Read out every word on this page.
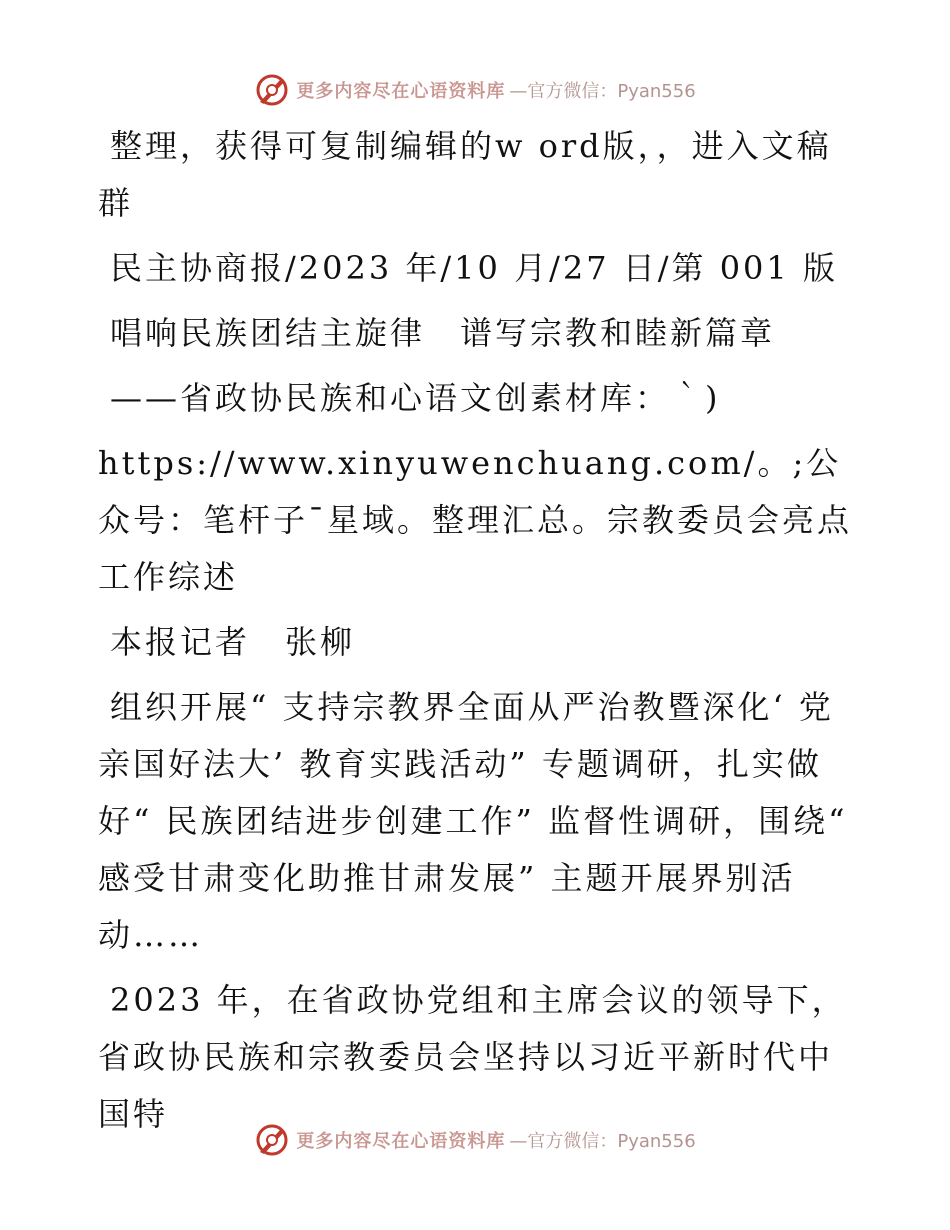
更多内容尽在心语资料库 —官方微信：Pyan556

整理，获得可复制编辑的w ord版，，进入文稿群

民主协商报/2023 年/10 月/27 日/第 001 版

唱响民族团结主旋律　谱写宗教和睦新篇章

——省政协民族和心语文创素材库：｀)

https://www.xinyuwenchuang.com/。;公众号：笔杆子¯星域。整理汇总。宗教委员会亮点工作综述

本报记者　张柳

组织开展“ 支持宗教界全面从严治教暨深化‘ 党亲国好法大’ 教育实践活动” 专题调研，扎实做好“ 民族团结进步创建工作” 监督性调研，围绕“ 感受甘肃变化助推甘肃发展” 主题开展界别活动……

2023 年，在省政协党组和主席会议的领导下，省政协民族和宗教委员会坚持以习近平新时代中国特

更多内容尽在心语资料库 —官方微信：Pyan556
